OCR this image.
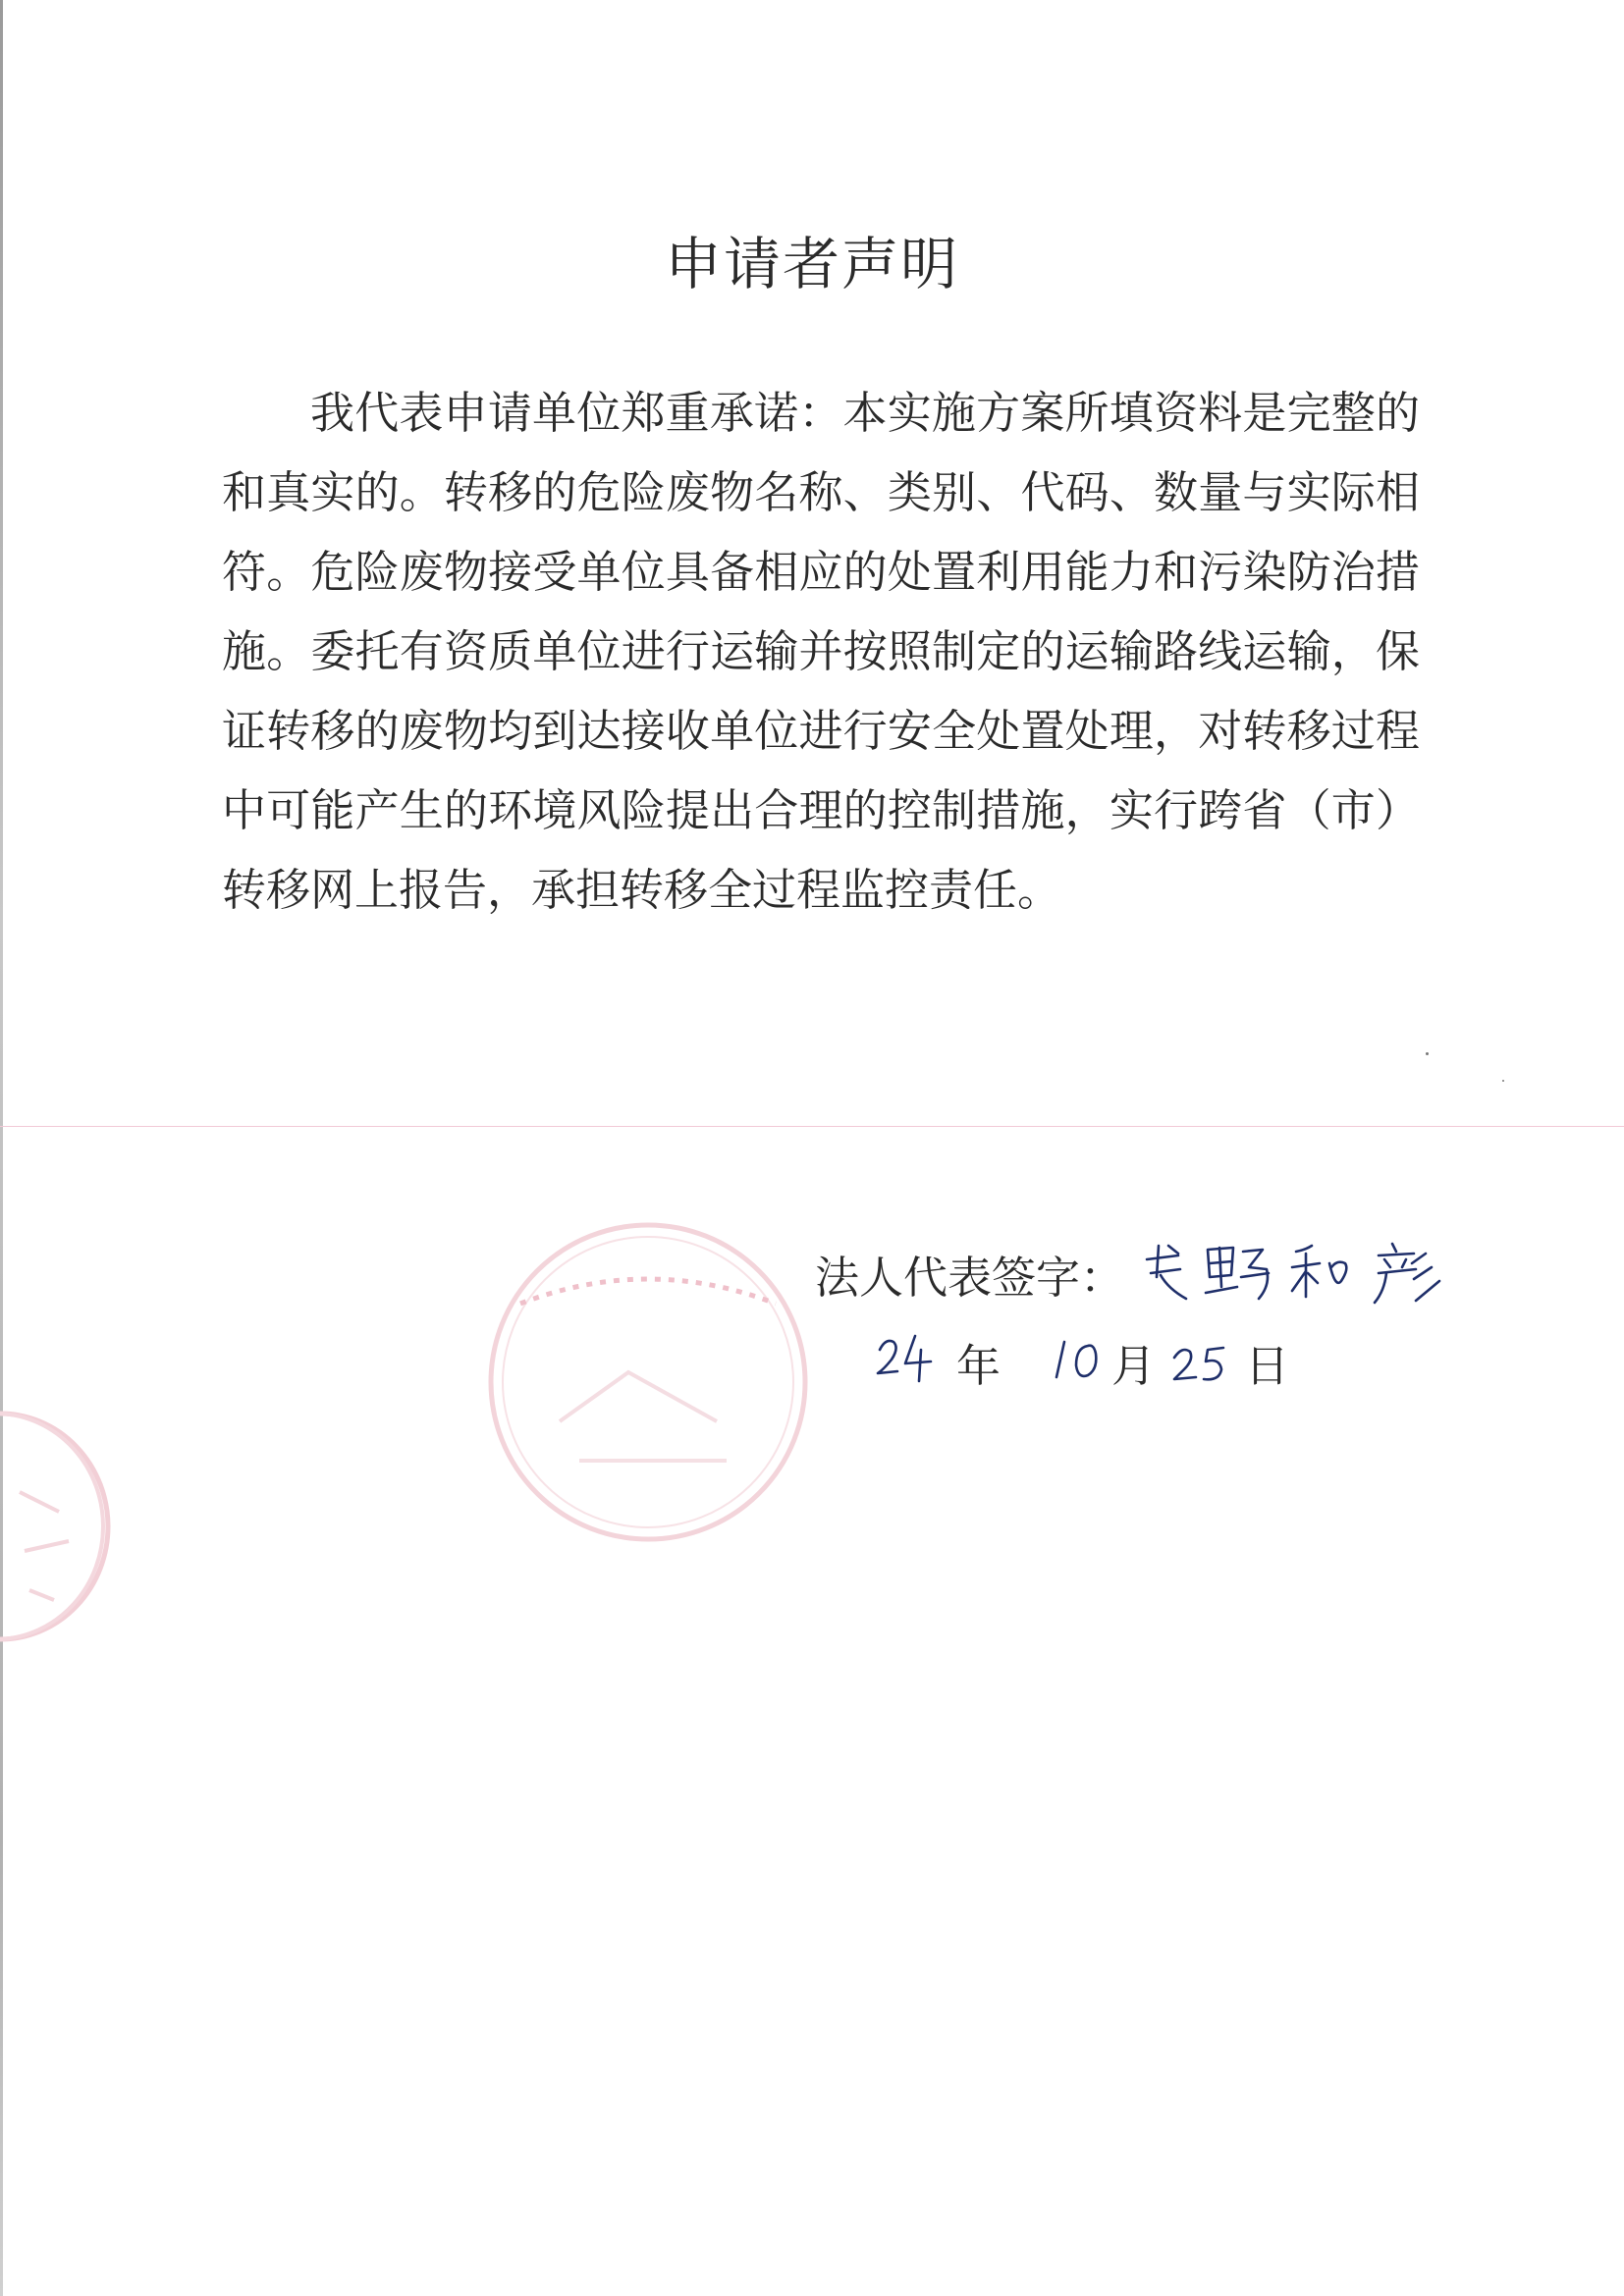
申请者声明
我代表申请单位郑重承诺：本实施方案所填资料是完整的和真实的。转移的危险废物名称、类别、代码、数量与实际相符。危险废物接受单位具备相应的处置利用能力和污染防治措施。委托有资质单位进行运输并按照制定的运输路线运输，保证转移的废物均到达接收单位进行安全处置处理，对转移过程中可能产生的环境风险提出合理的控制措施，实行跨省（市）转移网上报告，承担转移全过程监控责任。
法人代表签字：
年	月 日
